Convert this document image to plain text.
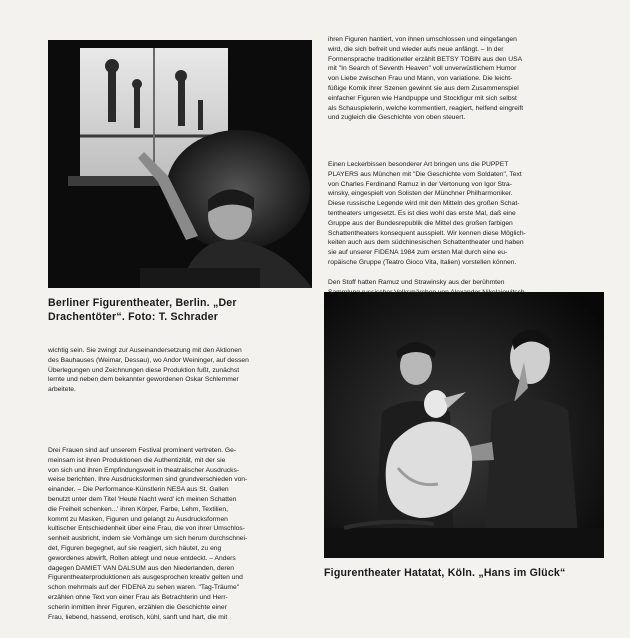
Berliner Figurentheater, Berlin. „Der Drachentöter“. Foto: T. Schrader

ihren Figuren hantiert, von ihnen umschlossen und eingefangen
wird, die sich befreit und wieder aufs neue anfängt. – In der
Formensprache traditioneller erzählt BETSY TOBIN aus den USA
mit "In Search of Seventh Heaven" voll unverwüstlichem Humor
von Liebe zwischen Frau und Mann, von variatione. Die leicht-
füßige Komik ihrer Szenen gewinnt sie aus dem Zusammenspiel
einfacher Figuren wie Handpuppe und Stockfigur mit sich selbst
als Schauspielerin, welche kommentiert, reagiert, helfend eingreift
und zugleich die Geschichte von oben steuert.

Einen Leckerbissen besonderer Art bringen uns die PUPPET
PLAYERS aus München mit "Die Geschichte vom Soldaten", Text
von Charles Ferdinand Ramuz in der Vertonung von Igor Stra-
winsky, eingespielt von Solisten der Münchner Philharmoniker.
Diese russische Legende wird mit den Mitteln des großen Schat-
tentheaters umgesetzt. Es ist dies wohl das erste Mal, daß eine
Gruppe aus der Bundesrepublik die Mittel des großen farbigen
Schattentheaters konsequent ausspielt. Wir kennen diese Möglich-
keiten auch aus dem südchinesischen Schattentheater und haben
sie auf unserer FIDENA 1984 zum ersten Mal durch eine eu-
ropäische Gruppe (Teatro Gioco Vita, Italien) vorstellen können.

Den Stoff hatten Ramuz und Strawinsky aus der berühmten

wichtig sein. Sie zwingt zur Auseinandersetzung mit den Aktionen
des Bauhauses (Weimar, Dessau), wo Andor Weininger, auf dessen
Überlegungen und Zeichnungen diese Produktion fußt, zunächst
lernte und neben dem bekannter gewordenen Oskar Schlemmer
arbeitete.

Drei Frauen sind auf unserem Festival prominent vertreten. Ge-
meinsam ist ihren Produktionen die Authentizität, mit der sie
von sich und ihren Empfindungswelt in theatralischer Ausdrucks-
weise berichten. Ihre Ausdrucksformen sind grundverschieden von-
einander. – Die Performance-Künstlerin NESA aus St. Gallen
benutzt unter dem Titel 'Heute Nacht werd' ich meinen Schatten
die Freiheit schenken...' ihren Körper, Farbe, Lehm, Textilien,
kommt zu Masken, Figuren und gelangt zu Ausdrucksformen
kultischer Entschiedenheit über eine Frau, die von ihrer Umschlos-
senheit ausbricht, indem sie Vorhänge um sich herum durchschnei-
det, Figuren begegnet, auf sie reagiert, sich häutet, zu eng
gewordenes abwirft, Rollen ablegt und neue entdeckt. – Anders
dagegen DAMIET VAN DALSUM aus den Niederlanden, deren
Figurentheaterproduktionen als ausgesprochen kreativ gelten und
schon mehrmals auf der FIDENA zu sehen waren. "Tag-Träume"
erzählen ohne Text von einer Frau als Betrachterin und Herr-
scherin inmitten ihrer Figuren, erzählen die Geschichte einer
Frau, liebend, hassend, erotisch, kühl, sanft und hart, die mit

Figurentheater Hatatat, Köln. „Hans im Glück“
